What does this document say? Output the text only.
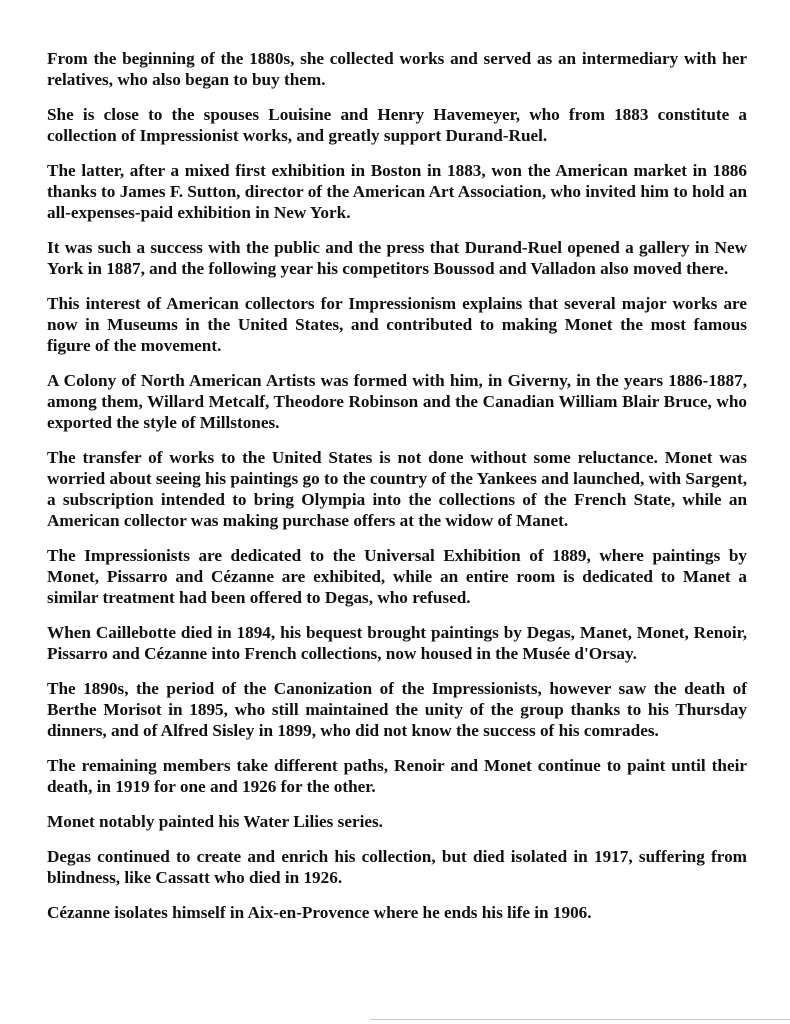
From the beginning of the 1880s, she collected works and served as an intermediary with her relatives, who also began to buy them.

She is close to the spouses Louisine and Henry Havemeyer, who from 1883 constitute a collection of Impressionist works, and greatly support Durand-Ruel.

The latter, after a mixed first exhibition in Boston in 1883, won the American market in 1886 thanks to James F. Sutton, director of the American Art Association, who invited him to hold an all-expenses-paid exhibition in New York.

It was such a success with the public and the press that Durand-Ruel opened a gallery in New York in 1887, and the following year his competitors Boussod and Valladon also moved there.

This interest of American collectors for Impressionism explains that several major works are now in Museums in the United States, and contributed to making Monet the most famous figure of the movement.

A Colony of North American Artists was formed with him, in Giverny, in the years 1886-1887, among them, Willard Metcalf, Theodore Robinson and the Canadian William Blair Bruce, who exported the style of Millstones.

The transfer of works to the United States is not done without some reluctance. Monet was worried about seeing his paintings go to the country of the Yankees and launched, with Sargent, a subscription intended to bring Olympia into the collections of the French State, while an American collector was making purchase offers at the widow of Manet.

The Impressionists are dedicated to the Universal Exhibition of 1889, where paintings by Monet, Pissarro and Cézanne are exhibited, while an entire room is dedicated to Manet a similar treatment had been offered to Degas, who refused.

When Caillebotte died in 1894, his bequest brought paintings by Degas, Manet, Monet, Renoir, Pissarro and Cézanne into French collections, now housed in the Musée d'Orsay.

The 1890s, the period of the Canonization of the Impressionists, however saw the death of Berthe Morisot in 1895, who still maintained the unity of the group thanks to his Thursday dinners, and of Alfred Sisley in 1899, who did not know the success of his comrades.

The remaining members take different paths, Renoir and Monet continue to paint until their death, in 1919 for one and 1926 for the other.

Monet notably painted his Water Lilies series.

Degas continued to create and enrich his collection, but died isolated in 1917, suffering from blindness, like Cassatt who died in 1926.

Cézanne isolates himself in Aix-en-Provence where he ends his life in 1906.
